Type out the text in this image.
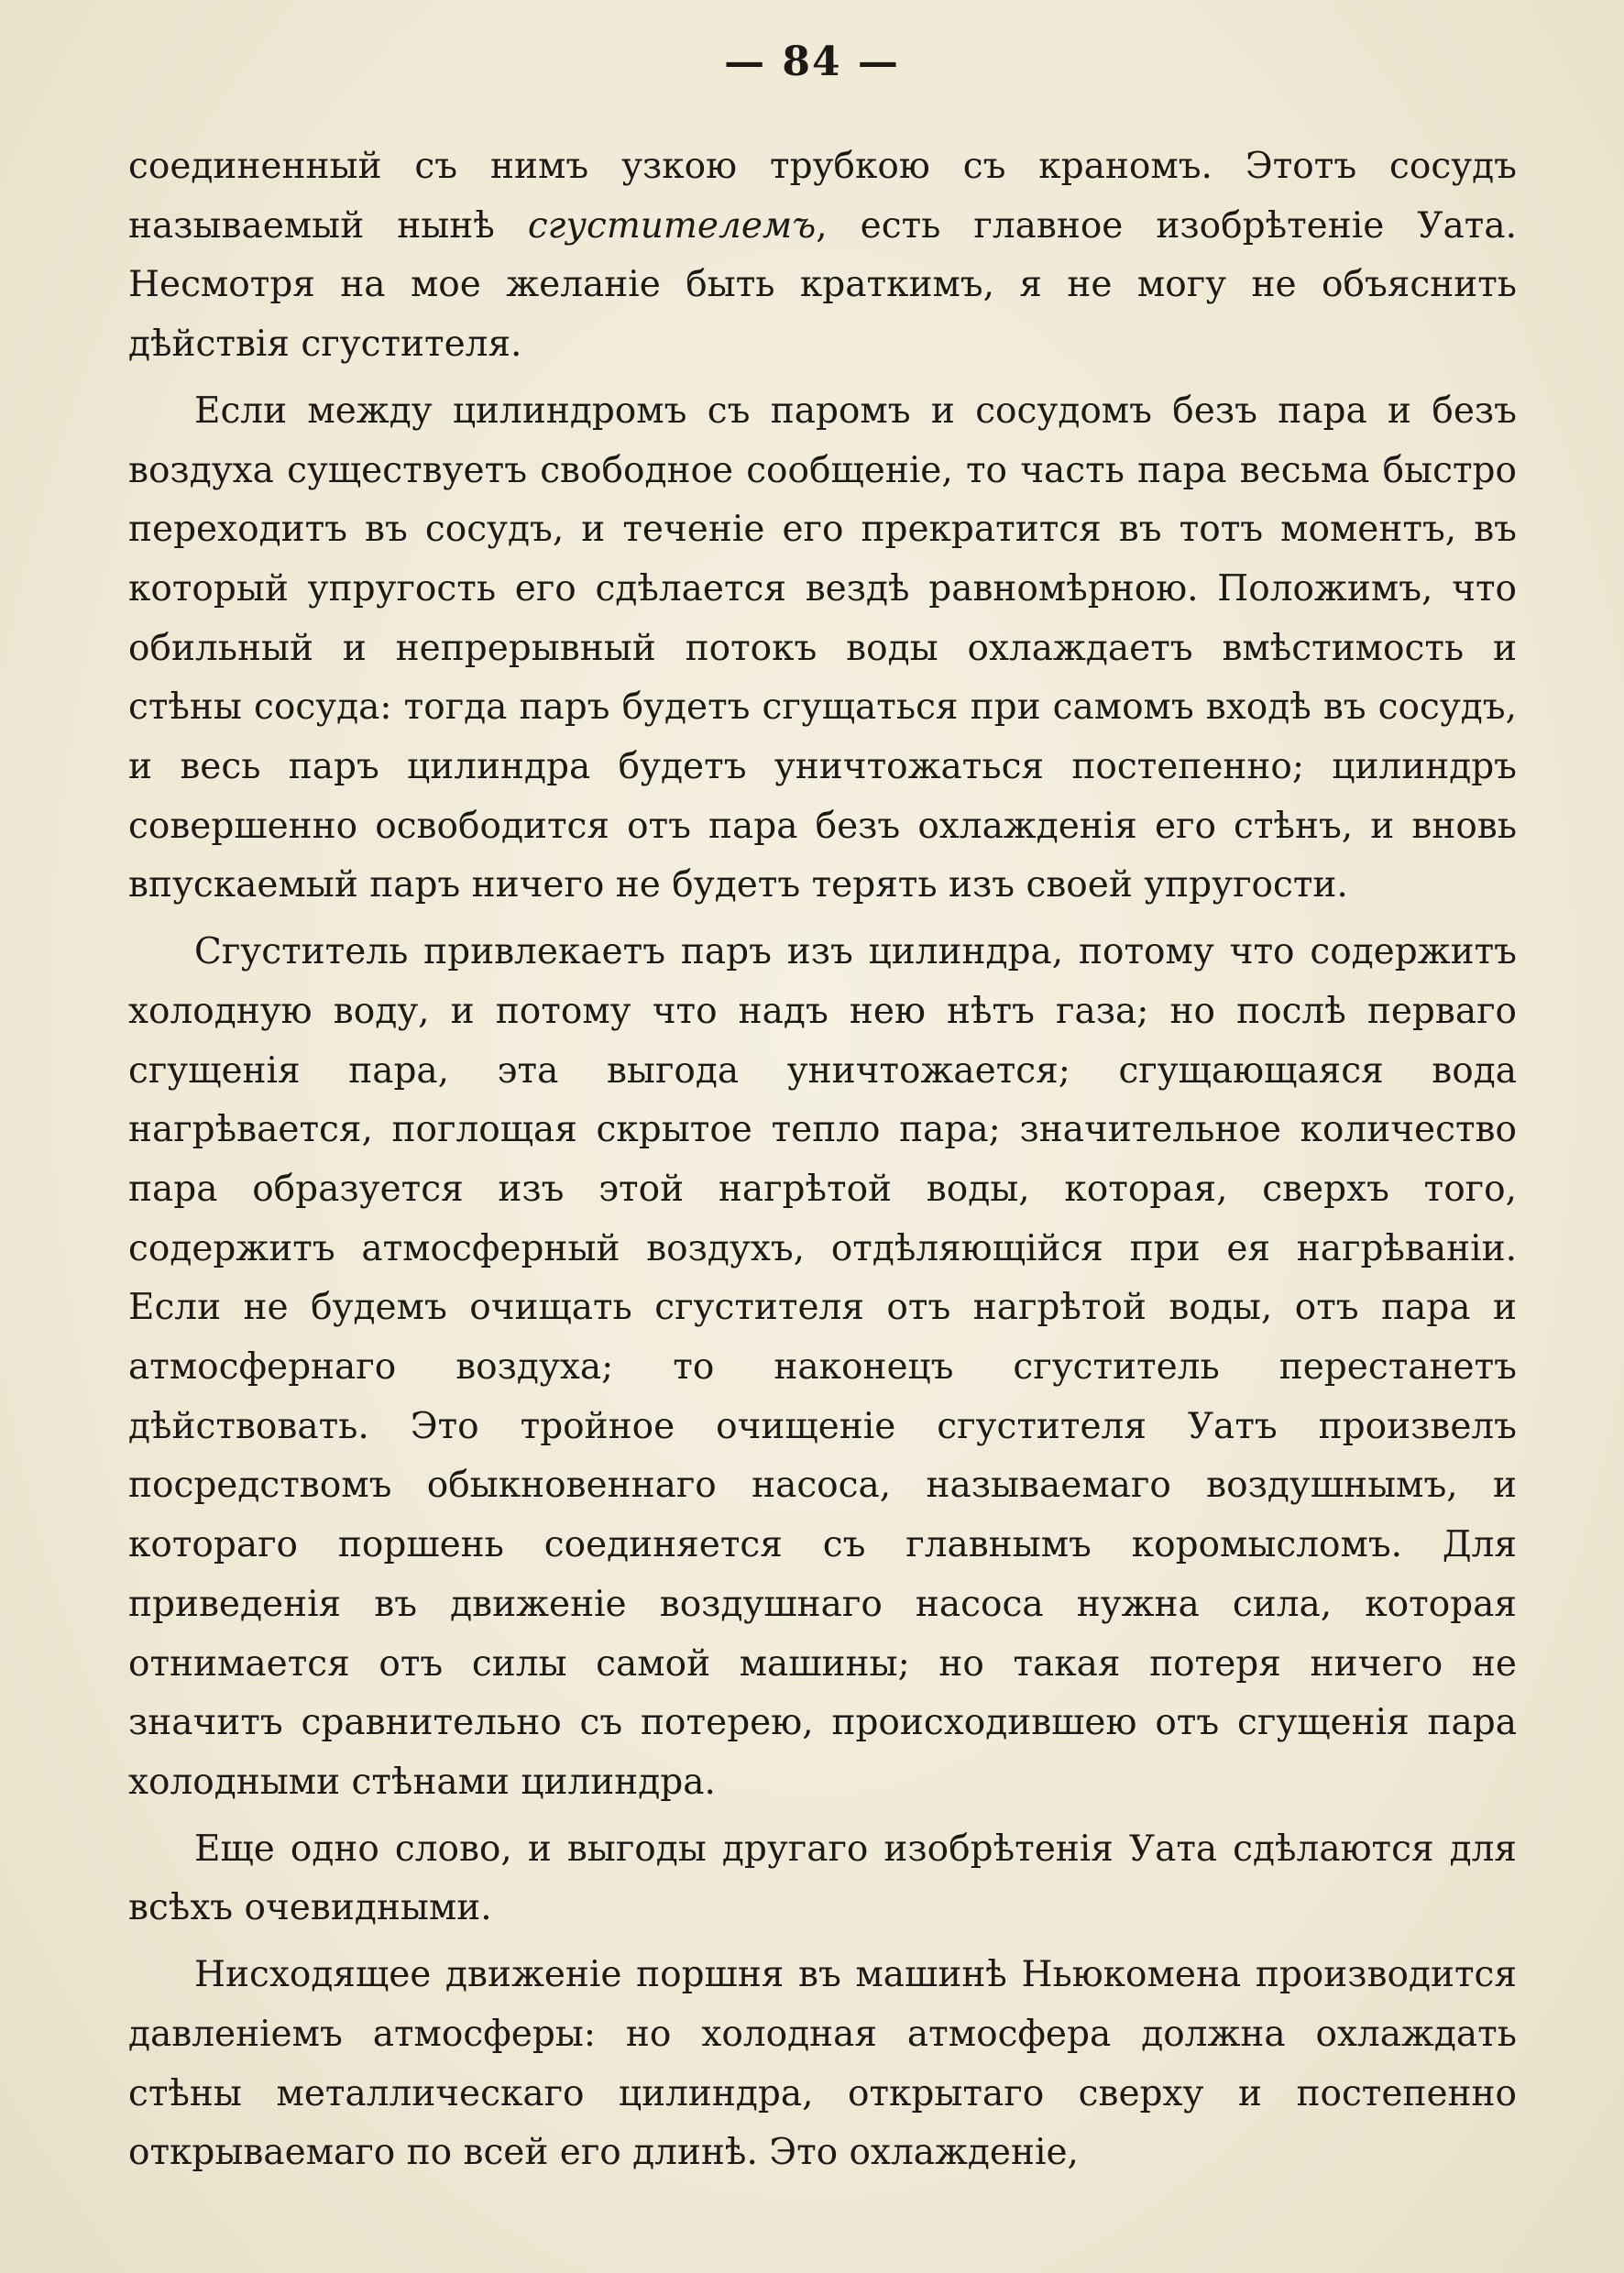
— 84 —

соединенный съ нимъ узкою трубкою съ краномъ. Этотъ сосудъ называемый нынѣ сгустителемъ, есть главное изобрѣтеніе Уата. Несмотря на мое желаніе быть краткимъ, я не могу не объяснить дѣйствія сгустителя.

Если между цилиндромъ съ паромъ и сосудомъ безъ пара и безъ воздуха существуетъ свободное сообщеніе, то часть пара весьма быстро переходитъ въ сосудъ, и теченіе его прекратится въ тотъ моментъ, въ который упругость его сдѣлается вездѣ равномѣрною. Положимъ, что обильный и непрерывный потокъ воды охлаждаетъ вмѣстимость и стѣны сосуда: тогда паръ будетъ сгущаться при самомъ входѣ въ сосудъ, и весь паръ цилиндра будетъ уничтожаться постепенно; цилиндръ совершенно освободится отъ пара безъ охлажденія его стѣнъ, и вновь впускаемый паръ ничего не будетъ терять изъ своей упругости.

Сгуститель привлекаетъ паръ изъ цилиндра, потому что содержитъ холодную воду, и потому что надъ нею нѣтъ газа; но послѣ перваго сгущенія пара, эта выгода уничтожается; сгущающаяся вода нагрѣвается, поглощая скрытое тепло пара; значительное количество пара образуется изъ этой нагрѣтой воды, которая, сверхъ того, содержитъ атмосферный воздухъ, отдѣляющійся при ея нагрѣваніи. Если не будемъ очищать сгустителя отъ нагрѣтой воды, отъ пара и атмосфернаго воздуха; то наконецъ сгуститель перестанетъ дѣйствовать. Это тройное очищеніе сгустителя Уатъ произвелъ посредствомъ обыкновеннаго насоса, называемаго воздушнымъ, и котораго поршень соединяется съ главнымъ коромысломъ. Для приведенія въ движеніе воздушнаго насоса нужна сила, которая отнимается отъ силы самой машины; но такая потеря ничего не значитъ сравнительно съ потерею, происходившею отъ сгущенія пара холодными стѣнами цилиндра.

Еще одно слово, и выгоды другаго изобрѣтенія Уата сдѣлаются для всѣхъ очевидными.

Нисходящее движеніе поршня въ машинѣ Ньюкомена производится давленіемъ атмосферы: но холодная атмосфера должна охлаждать стѣны металлическаго цилиндра, открытаго сверху и постепенно открываемаго по всей его длинѣ. Это охлажденіе,
